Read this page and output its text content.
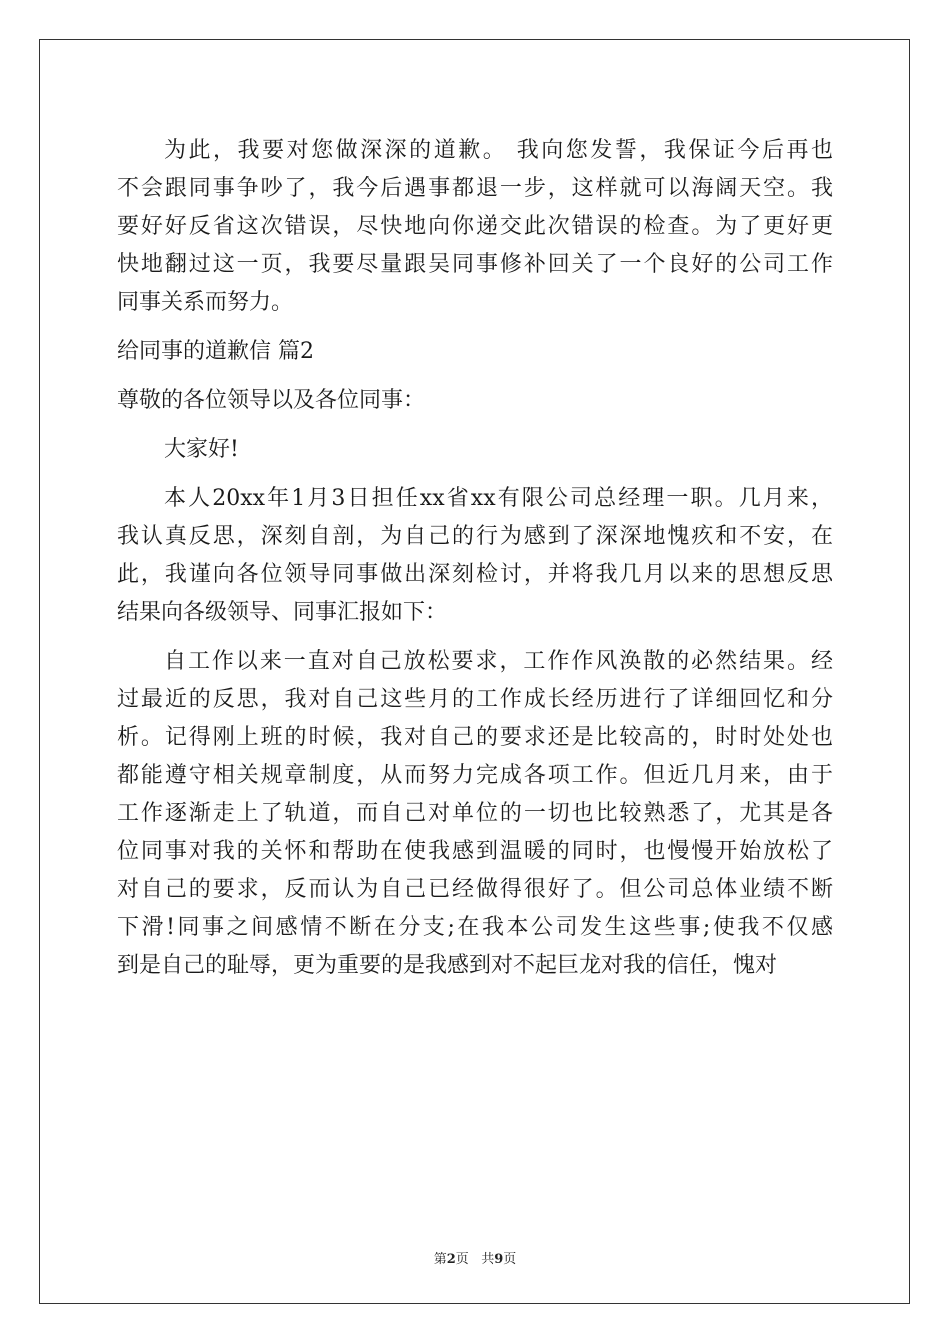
为此，我要对您做深深的道歉。 我向您发誓，我保证今后再也
不会跟同事争吵了，我今后遇事都退一步，这样就可以海阔天空。我
要好好反省这次错误，尽快地向你递交此次错误的检查。为了更好更
快地翻过这一页，我要尽量跟吴同事修补回关了一个良好的公司工作
同事关系而努力。
给同事的道歉信 篇2
尊敬的各位领导以及各位同事：
大家好!
本人20xx年1月3日担任xx省xx有限公司总经理一职。几月来，
我认真反思，深刻自剖，为自己的行为感到了深深地愧疚和不安，在
此，我谨向各位领导同事做出深刻检讨，并将我几月以来的思想反思
结果向各级领导、同事汇报如下：
自工作以来一直对自己放松要求，工作作风涣散的必然结果。经
过最近的反思，我对自己这些月的工作成长经历进行了详细回忆和分
析。记得刚上班的时候，我对自己的要求还是比较高的，时时处处也
都能遵守相关规章制度，从而努力完成各项工作。但近几月来，由于
工作逐渐走上了轨道，而自己对单位的一切也比较熟悉了，尤其是各
位同事对我的关怀和帮助在使我感到温暖的同时，也慢慢开始放松了
对自己的要求，反而认为自己已经做得很好了。但公司总体业绩不断
下滑!同事之间感情不断在分支;在我本公司发生这些事;使我不仅感
到是自己的耻辱，更为重要的是我感到对不起巨龙对我的信任，愧对
第2页 共9页
